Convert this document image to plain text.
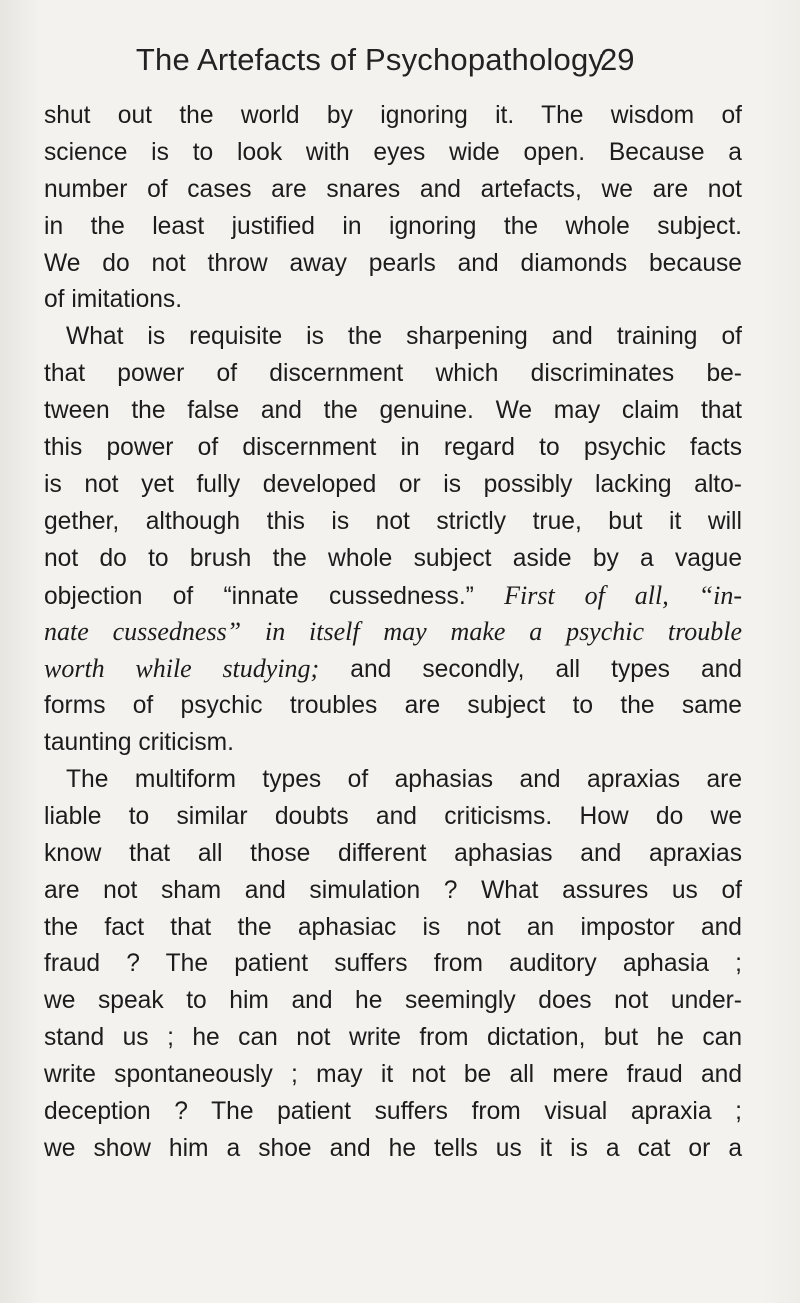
The Artefacts of Psychopathology
29
shut out the world by ignoring it. The wisdom of
science is to look with eyes wide open. Because a
number of cases are snares and artefacts, we are not
in the least justified in ignoring the whole subject.
We do not throw away pearls and diamonds because
of imitations.
What is requisite is the sharpening and training of
that power of discernment which discriminates be-
tween the false and the genuine. We may claim that
this power of discernment in regard to psychic facts
is not yet fully developed or is possibly lacking alto-
gether, although this is not strictly true, but it will
not do to brush the whole subject aside by a vague
objection of “innate cussedness.” First of all, “in-
nate cussedness” in itself may make a psychic trouble
worth while studying; and secondly, all types and
forms of psychic troubles are subject to the same
taunting criticism.
The multiform types of aphasias and apraxias are
liable to similar doubts and criticisms. How do we
know that all those different aphasias and apraxias
are not sham and simulation ? What assures us of
the fact that the aphasiac is not an impostor and
fraud ? The patient suffers from auditory aphasia ;
we speak to him and he seemingly does not under-
stand us ; he can not write from dictation, but he can
write spontaneously ; may it not be all mere fraud and
deception ? The patient suffers from visual apraxia ;
we show him a shoe and he tells us it is a cat or a
